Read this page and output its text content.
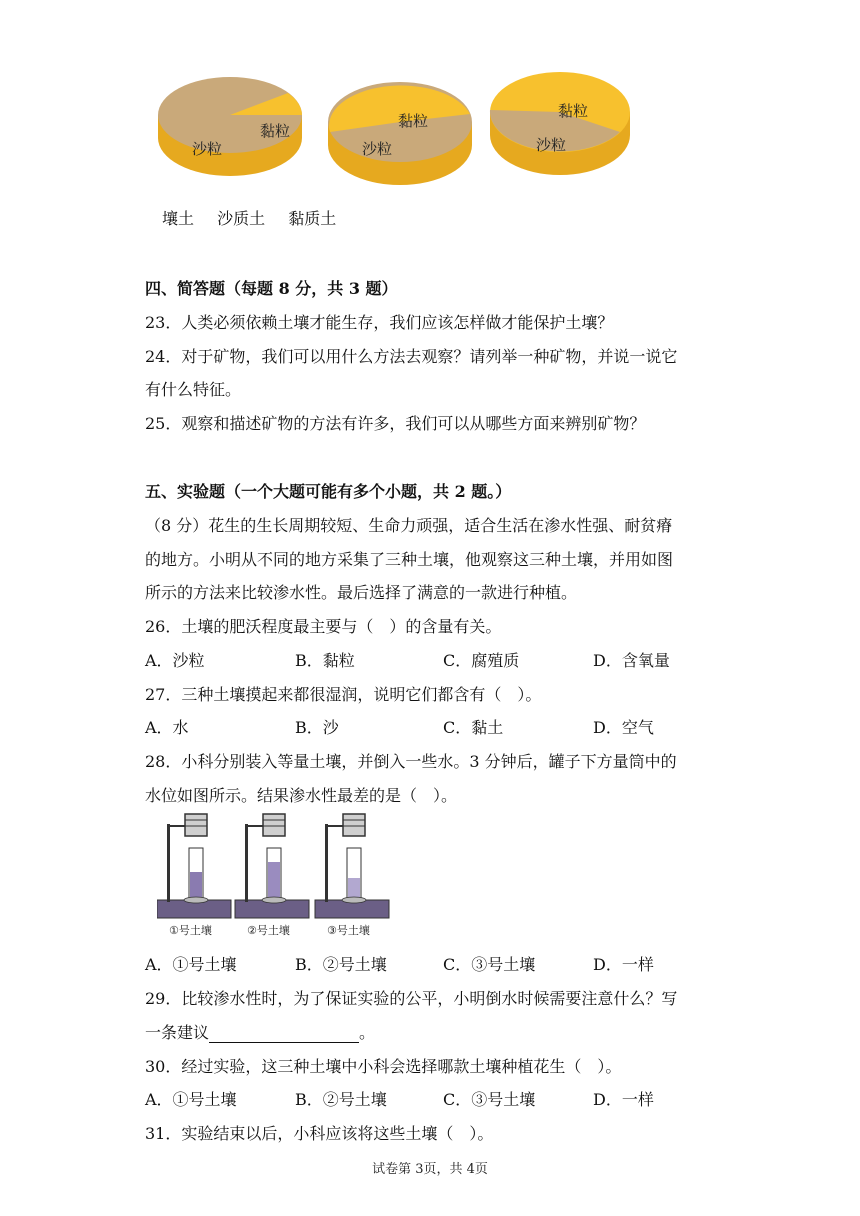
黏粒
沙粒
黏粒
沙粒
黏粒
沙粒
壤土 沙质土 黏质土
四、简答题（每题 8 分，共 3 题）
23．人类必须依赖土壤才能生存，我们应该怎样做才能保护土壤？
24．对于矿物，我们可以用什么方法去观察？请列举一种矿物，并说一说它
有什么特征。
25．观察和描述矿物的方法有许多，我们可以从哪些方面来辨别矿物？
五、实验题（一个大题可能有多个小题，共 2 题。）
（8 分）花生的生长周期较短、生命力顽强，适合生活在渗水性强、耐贫瘠
的地方。小明从不同的地方采集了三种土壤，他观察这三种土壤，并用如图
所示的方法来比较渗水性。最后选择了满意的一款进行种植。
26．土壤的肥沃程度最主要与（　）的含量有关。
A．沙粒	B．黏粒	C．腐殖质	D．含氧量
27．三种土壤摸起来都很湿润，说明它们都含有（　）。
A．水	B．沙	C．黏土	D．空气
28．小科分别装入等量土壤，并倒入一些水。3 分钟后，罐子下方量筒中的
水位如图所示。结果渗水性最差的是（　）。
①号土壤	②号土壤	③号土壤
A．①号土壤	B．②号土壤	C．③号土壤	D．一样
29．比较渗水性时，为了保证实验的公平，小明倒水时候需要注意什么？写
一条建议	。
30．经过实验，这三种土壤中小科会选择哪款土壤种植花生（　）。
A．①号土壤	B．②号土壤	C．③号土壤	D．一样
31．实验结束以后，小科应该将这些土壤（　）。
试卷第 3页，共 4页
